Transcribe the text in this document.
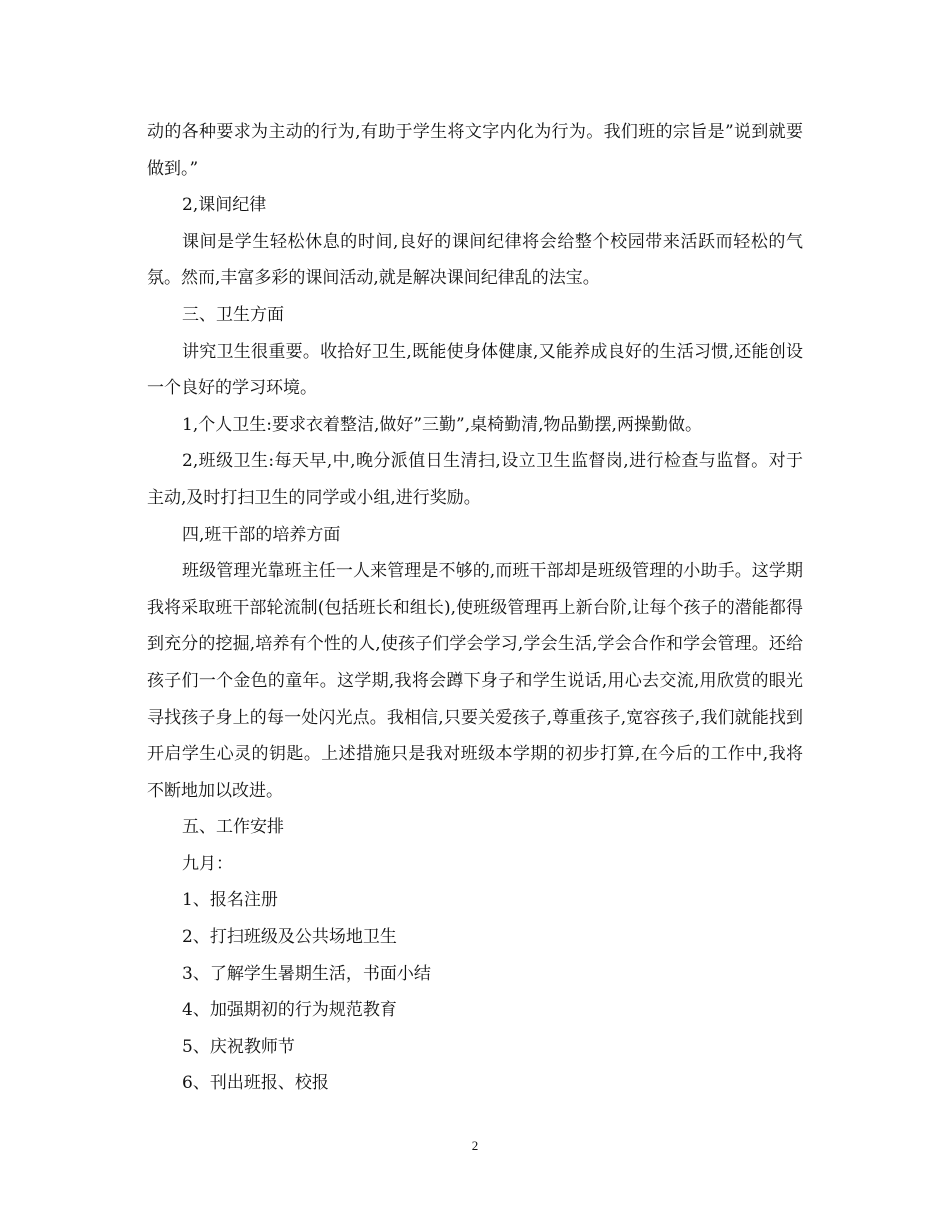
动的各种要求为主动的行为,有助于学生将文字内化为行为。我们班的宗旨是”说到就要做到。”

2,课间纪律

课间是学生轻松休息的时间,良好的课间纪律将会给整个校园带来活跃而轻松的气氛。然而,丰富多彩的课间活动,就是解决课间纪律乱的法宝。

三、卫生方面

讲究卫生很重要。收拾好卫生,既能使身体健康,又能养成良好的生活习惯,还能创设一个良好的学习环境。

1,个人卫生:要求衣着整洁,做好”三勤”,桌椅勤清,物品勤摆,两操勤做。

2,班级卫生:每天早,中,晚分派值日生清扫,设立卫生监督岗,进行检查与监督。对于主动,及时打扫卫生的同学或小组,进行奖励。

四,班干部的培养方面

班级管理光靠班主任一人来管理是不够的,而班干部却是班级管理的小助手。这学期我将采取班干部轮流制(包括班长和组长),使班级管理再上新台阶,让每个孩子的潜能都得到充分的挖掘,培养有个性的人,使孩子们学会学习,学会生活,学会合作和学会管理。还给孩子们一个金色的童年。这学期,我将会蹲下身子和学生说话,用心去交流,用欣赏的眼光寻找孩子身上的每一处闪光点。我相信,只要关爱孩子,尊重孩子,宽容孩子,我们就能找到开启学生心灵的钥匙。上述措施只是我对班级本学期的初步打算,在今后的工作中,我将不断地加以改进。

五、工作安排

九月：

1、报名注册

2、打扫班级及公共场地卫生

3、了解学生暑期生活，书面小结

4、加强期初的行为规范教育

5、庆祝教师节

6、刊出班报、校报

2
